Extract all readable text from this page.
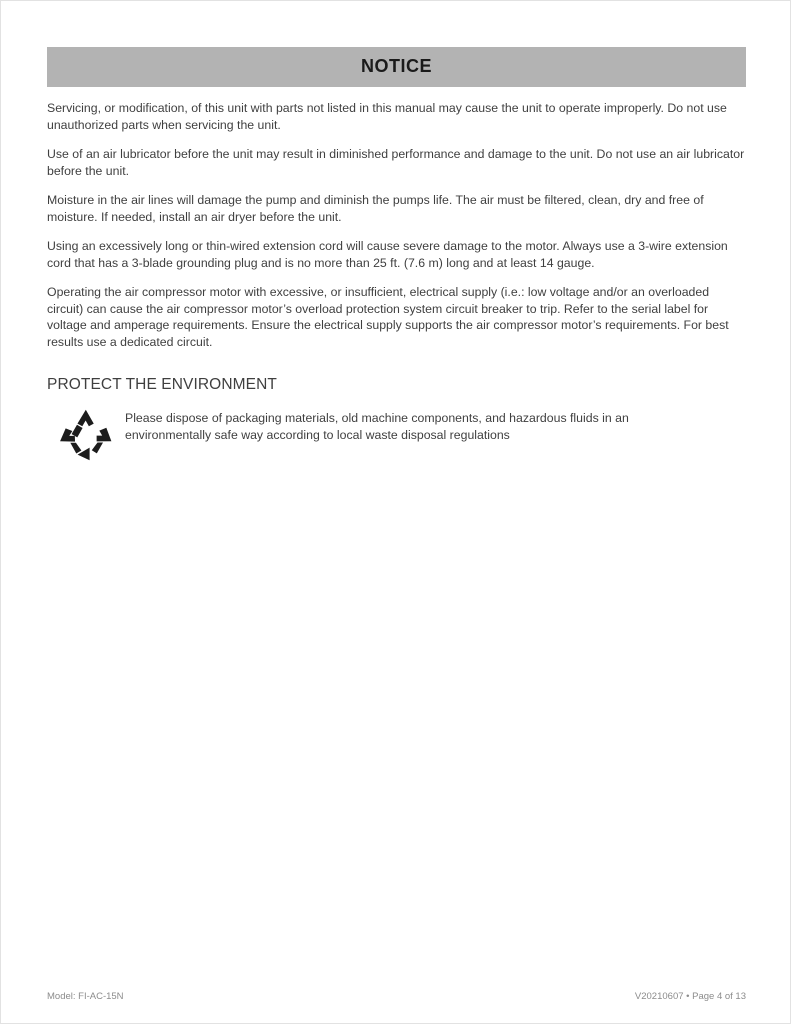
NOTICE
Servicing, or modification, of this unit with parts not listed in this manual may cause the unit to operate improperly. Do not use unauthorized parts when servicing the unit.
Use of an air lubricator before the unit may result in diminished performance and damage to the unit. Do not use an air lubricator before the unit.
Moisture in the air lines will damage the pump and diminish the pumps life. The air must be filtered, clean, dry and free of moisture. If needed, install an air dryer before the unit.
Using an excessively long or thin-wired extension cord will cause severe damage to the motor. Always use a 3-wire extension cord that has a 3-blade grounding plug and is no more than 25 ft. (7.6 m) long and at least 14 gauge.
Operating the air compressor motor with excessive, or insufficient, electrical supply (i.e.: low voltage and/or an overloaded circuit) can cause the air compressor motor’s overload protection system circuit breaker to trip. Refer to the serial label for voltage and amperage requirements. Ensure the electrical supply supports the air compressor motor’s requirements. For best results use a dedicated circuit.
PROTECT THE ENVIRONMENT
Please dispose of packaging materials, old machine components, and hazardous fluids in an environmentally safe way according to local waste disposal regulations
Model: FI-AC-15N	V20210607 • Page 4 of 13
